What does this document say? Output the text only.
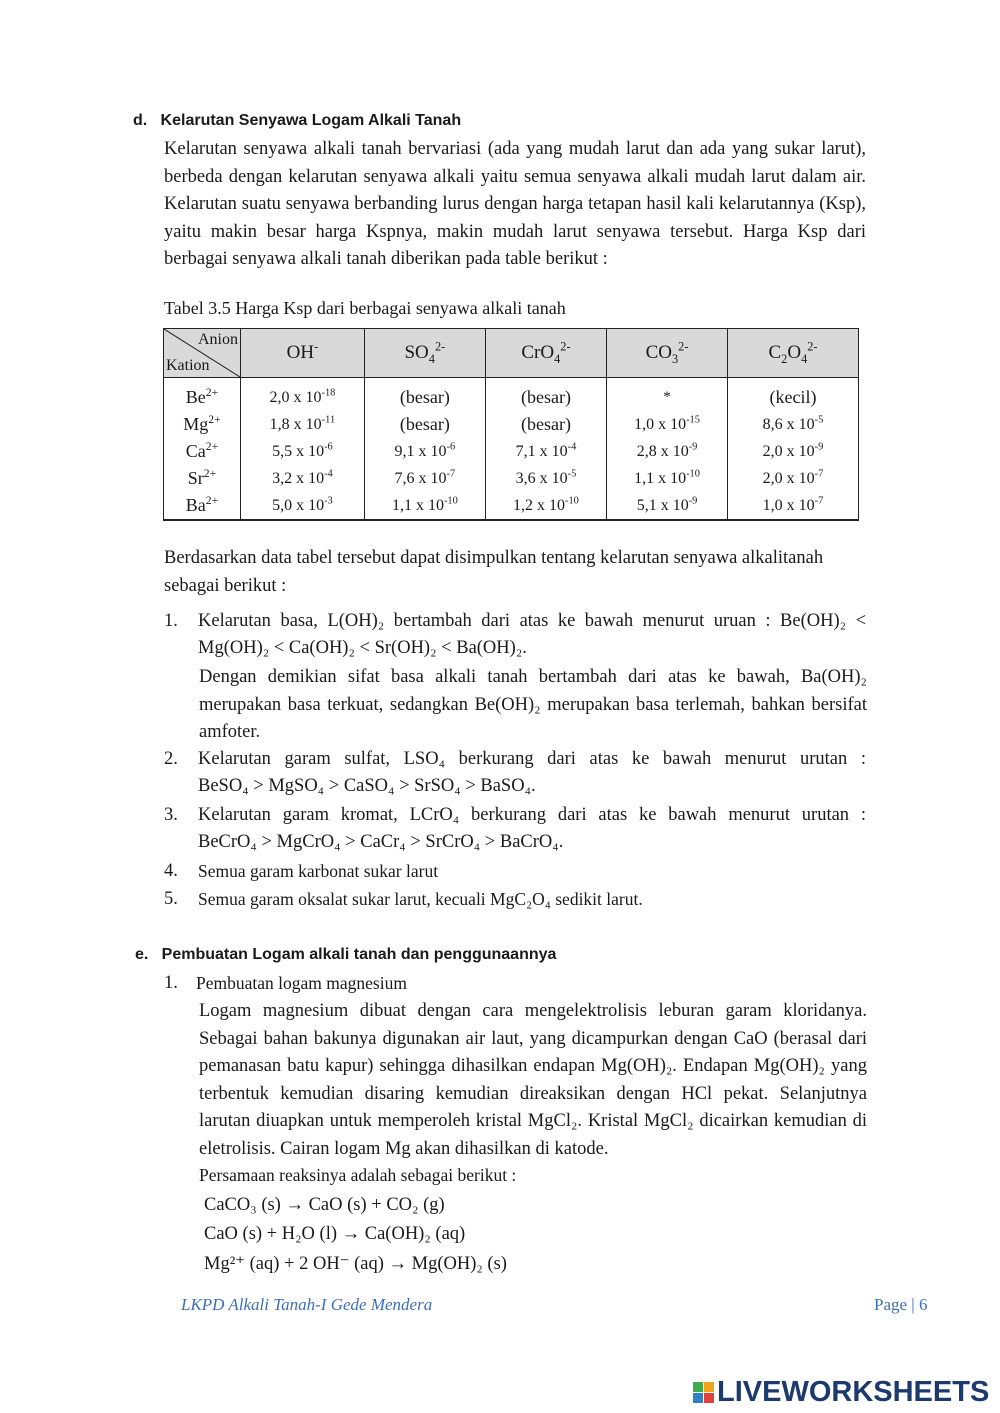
d.   Kelarutan Senyawa Logam Alkali Tanah
Kelarutan senyawa alkali tanah bervariasi (ada yang mudah larut dan ada yang sukar larut), berbeda dengan kelarutan senyawa alkali yaitu semua senyawa alkali mudah larut dalam air. Kelarutan suatu senyawa berbanding lurus dengan harga tetapan hasil kali kelarutannya (Ksp), yaitu makin besar harga Kspnya, makin mudah larut senyawa tersebut. Harga Ksp dari berbagai senyawa alkali tanah diberikan pada table berikut :
Tabel 3.5 Harga Ksp dari berbagai senyawa alkali tanah
Anion
Kation	OH-	$SO_4^{2-}$	CrO$_4^{2-}$	$CO_3^{2-}$	$C_2O_4^{2-}$
$Be^{2+}$	2,0 x $10^{-18}$	(besar)	(besar)	*	(kecil)
$Mg^{2+}$	1,8 x $10^{-11}$	(besar)	(besar)	1,0 x $10^{-15}$	8,6 x $10^{-5}$
$Ca^{2+}$	5,5 x $10^{-6}$	9,1 x $10^{-6}$	7,1 x $10^{-4}$	2,8 x $10^{-9}$	2,0 x $10^{-9}$
$Sr^{2+}$	3,2 x $10^{-4}$	7,6 x $10^{-7}$	3,6 x $10^{-5}$	1,1 x $10^{-10}$	2,0 x $10^{-7}$
$Ba^{2+}$	5,0 x $10^{-3}$	1,1 x $10^{-10}$	1,2 x $10^{-10}$	5,1 x $10^{-9}$	1,0 x $10^{-7}$
Berdasarkan data tabel tersebut dapat disimpulkan tentang kelarutan senyawa alkalitanah sebagai berikut :
1. Kelarutan basa, L(OH)₂ bertambah dari atas ke bawah menurut uruan : Be(OH)₂ <
Mg(OH)₂ < Ca(OH)₂ < Sr(OH)₂ < Ba(OH)₂.
Dengan demikian sifat basa alkali tanah bertambah dari atas ke bawah, Ba(OH)₂ merupakan basa terkuat, sedangkan Be(OH)₂ merupakan basa terlemah, bahkan bersifat amfoter.
2. Kelarutan garam sulfat, LSO₄ berkurang dari atas ke bawah menurut urutan :
BeSO₄ > MgSO₄ > CaSO₄ > SrSO₄ > BaSO₄.
3. Kelarutan garam kromat, LCrO₄ berkurang dari atas ke bawah menurut urutan :
BeCrO₄ > MgCrO₄ > CaCr₄ > SrCrO₄ > BaCrO₄.
4. Semua garam karbonat sukar larut
5. Semua garam oksalat sukar larut, kecuali MgC₂O₄ sedikit larut.
e.   Pembuatan Logam alkali tanah dan penggunaannya
1. Pembuatan logam magnesium
Logam magnesium dibuat dengan cara mengelektrolisis leburan garam kloridanya. Sebagai bahan bakunya digunakan air laut, yang dicampurkan dengan CaO (berasal dari pemanasan batu kapur) sehingga dihasilkan endapan Mg(OH)₂. Endapan Mg(OH)₂ yang terbentuk kemudian disaring kemudian direaksikan dengan HCl pekat. Selanjutnya larutan diuapkan untuk memperoleh kristal MgCl₂. Kristal MgCl₂ dicairkan kemudian di eletrolisis. Cairan logam Mg akan dihasilkan di katode.
Persamaan reaksinya adalah sebagai berikut :
CaCO₃ (s) → CaO (s) + CO₂ (g)
CaO (s) + H₂O (l) → Ca(OH)₂ (aq)
Mg²⁺ (aq) + 2 OH⁻ (aq) → Mg(OH)₂ (s)
LKPD Alkali Tanah-I Gede Mendera	Page | 6
LIVEWORKSHEETS
